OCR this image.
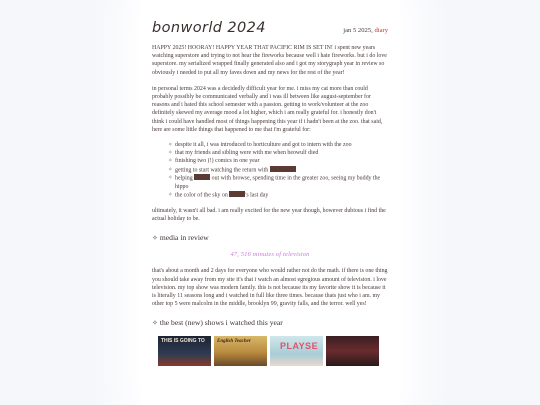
bonworld 2024	jan 5 2025, diary

HAPPY 2025! HOORAY! HAPPY YEAR THAT PACIFIC RIM IS SET IN! i spent new years watching superstore and trying to not hear the fireworks because well i hate fireworks. but i do love superstore. my serialized wrapped finally generated also and i got my storygraph year in review so obviously i needed to put all my faves down and my news for the rest of the year!

in personal terms 2024 was a decidedly difficult year for me. i miss my cat more than could probably possibly be communicated verbally and i was ill between like august-september for reasons and i hated this school semester with a passion. getting to work/volunteer at the zoo definitely skewed my average mood a lot higher, which i am really grateful for. i honestly don't think i could have handled most of things happening this year if i hadn't been at the zoo. that said, here are some little things that happened to me that i'm grateful for:

✧ despite it all, i was introduced to horticulture and got to intern with the zoo
✧ that my friends and sibling were with me when beowulf died
✧ finishing two (!) comics in one year
✧ getting to start watching the return with
✧ helping	out with browse, spending time in the greater zoo, seeing my buddy the hippo
✧ the color of the sky on	's last day

ultimately, it wasn't all bad. i am really excited for the new year though, however dubious i find the actual holiday to be.

✧ media in review
47, 516 minutes of television

that's about a month and 2 days for everyone who would rather not do the math. if there is one thing you should take away from my site it's that i watch an almost egregious amount of television. i love television. my top show was modern family. this is not because its my favorite show it is because it is literally 11 seasons long and i watched in full like three times. because thats just who i am. my other top 5 were malcolm in the middle, brooklyn 99, gravity falls, and the terror. well yes!

✧ the best (new) shows i watched this year
THIS IS GOING TO English Teacher	PLAYSE
